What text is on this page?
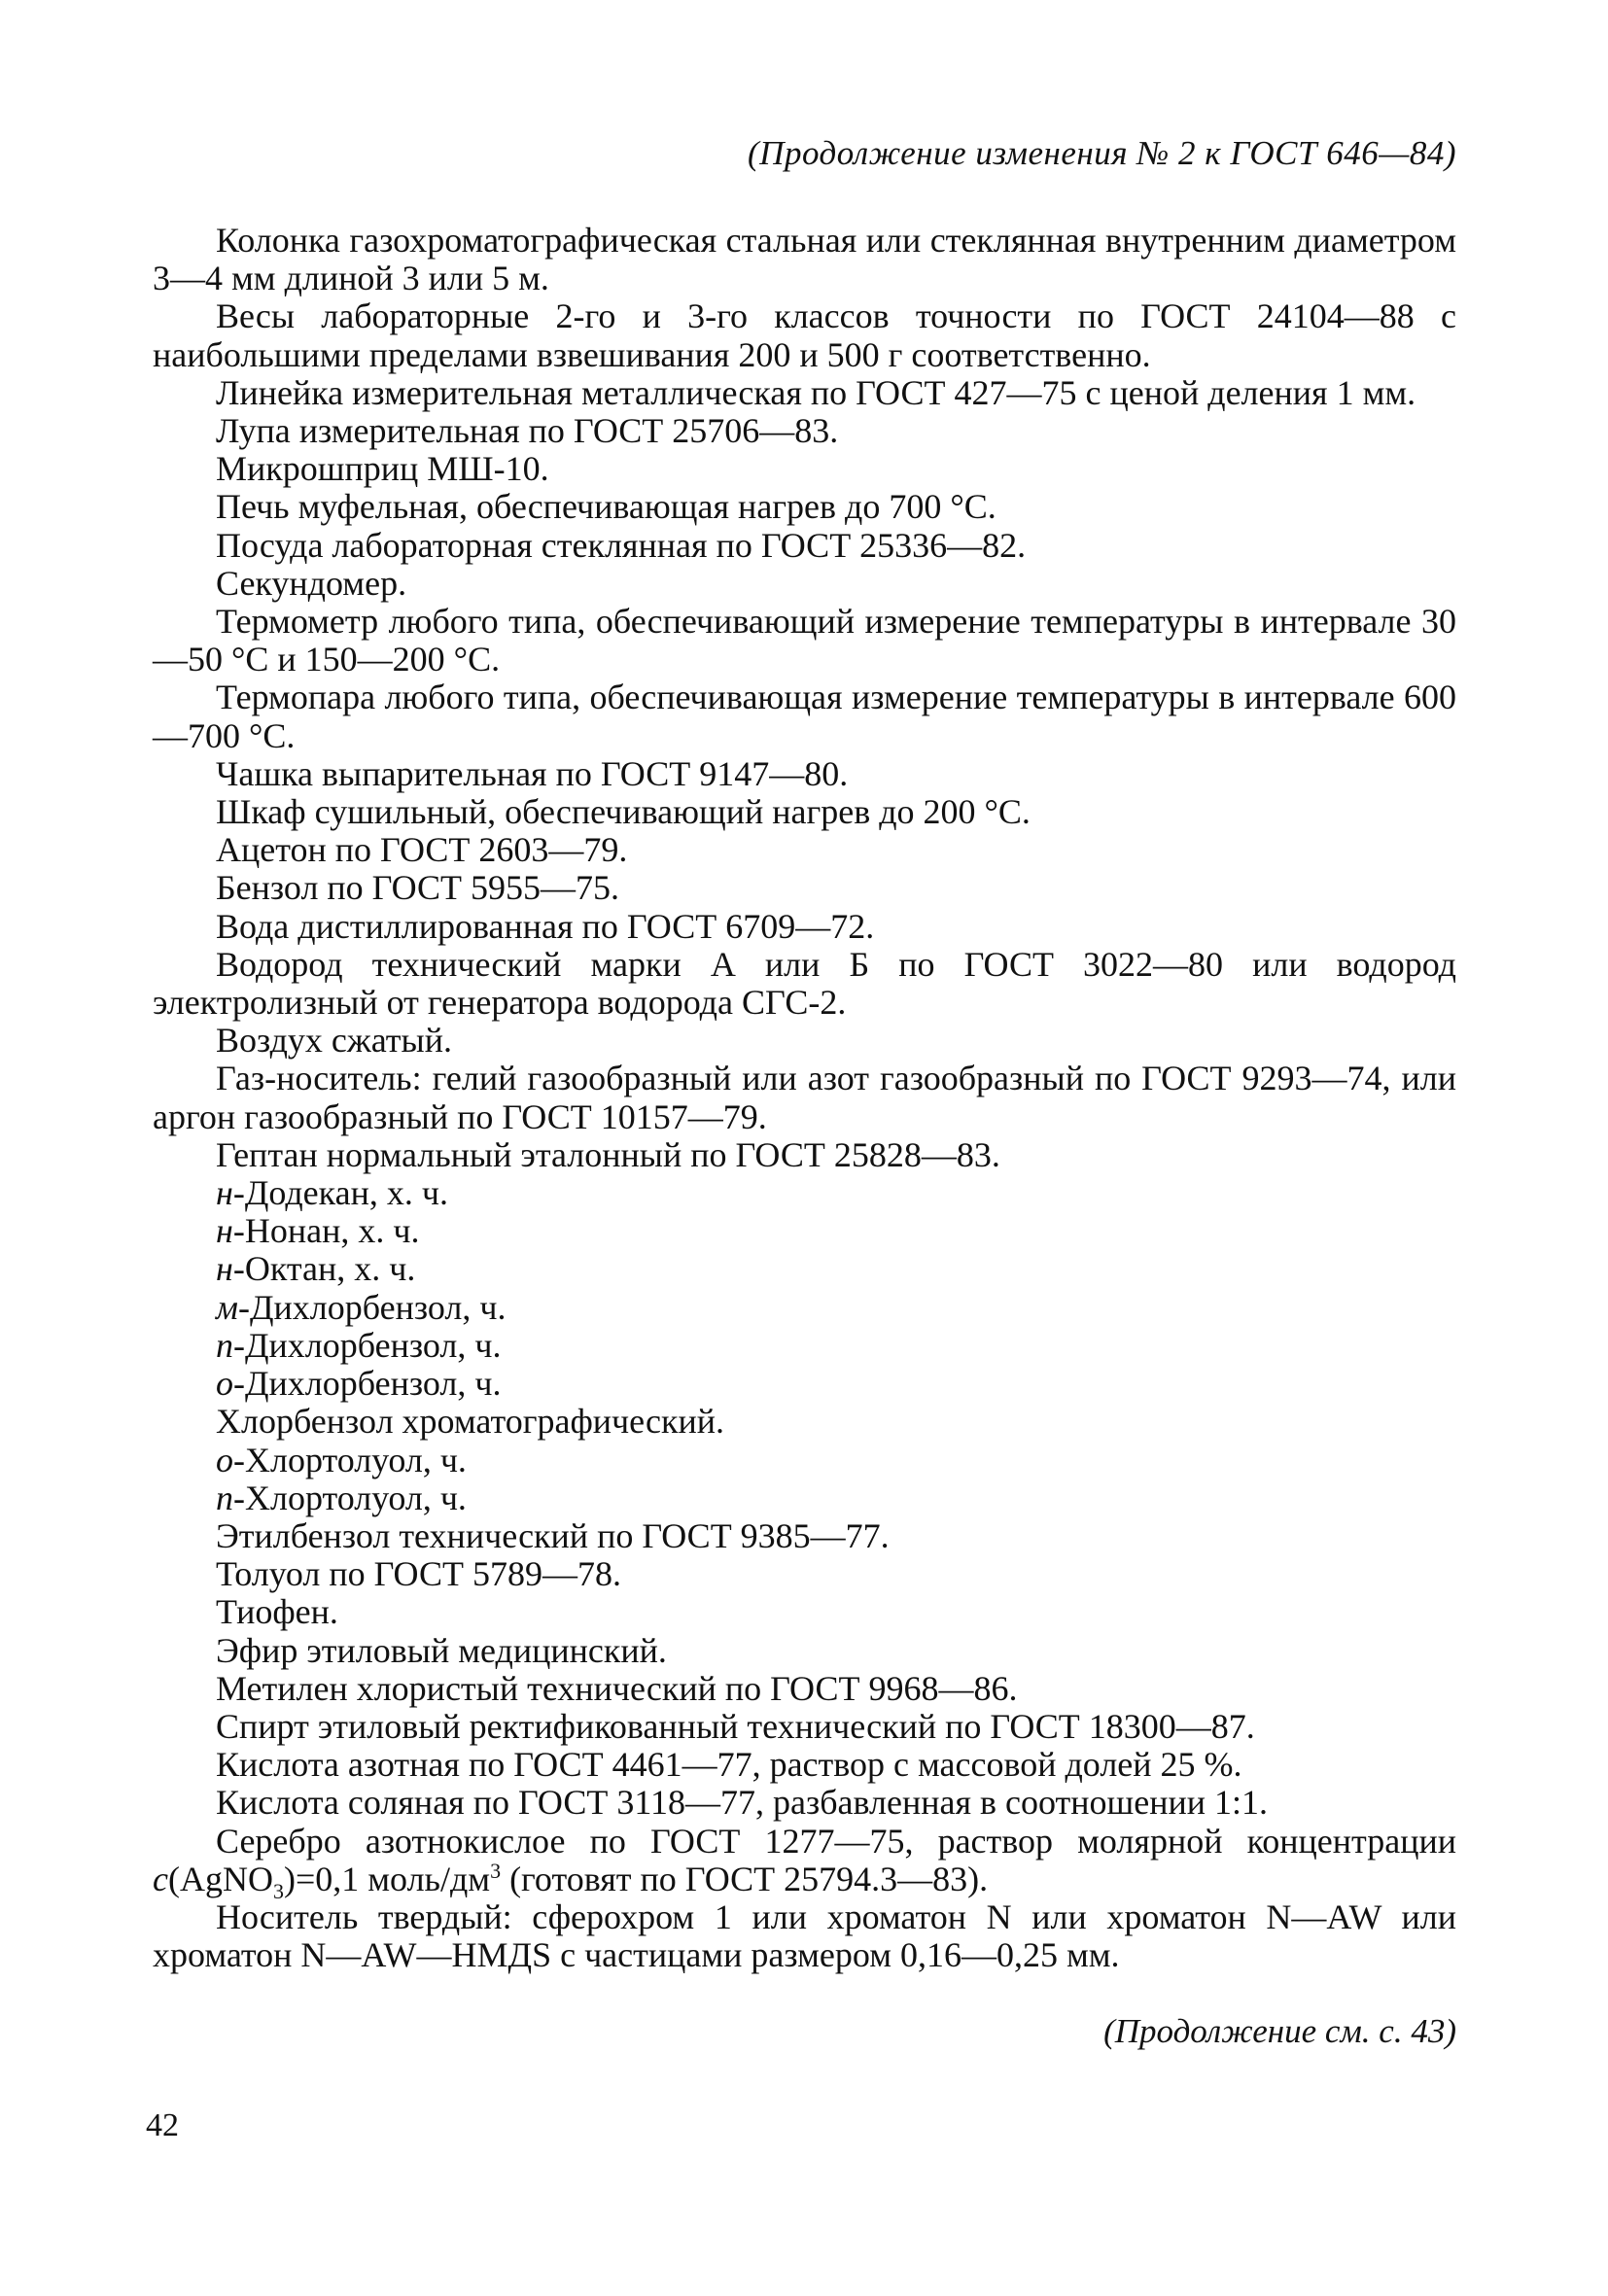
(Продолжение изменения № 2 к ГОСТ 646—84)

Колонка газохроматографическая стальная или стеклянная внутренним диаметром 3—4 мм длиной 3 или 5 м.

Весы лабораторные 2-го и 3-го классов точности по ГОСТ 24104—88 с наибольшими пределами взвешивания 200 и 500 г соответственно.

Линейка измерительная металлическая по ГОСТ 427—75 с ценой деления 1 мм.

Лупа измерительная по ГОСТ 25706—83.

Микрошприц МШ-10.

Печь муфельная, обеспечивающая нагрев до 700 °С.

Посуда лабораторная стеклянная по ГОСТ 25336—82.

Секундомер.

Термометр любого типа, обеспечивающий измерение температуры в интервале 30—50 °С и 150—200 °С.

Термопара любого типа, обеспечивающая измерение температуры в интервале 600—700 °С.

Чашка выпарительная по ГОСТ 9147—80.

Шкаф сушильный, обеспечивающий нагрев до 200 °С.

Ацетон по ГОСТ 2603—79.

Бензол по ГОСТ 5955—75.

Вода дистиллированная по ГОСТ 6709—72.

Водород технический марки А или Б по ГОСТ 3022—80 или водород электролизный от генератора водорода СГС-2.

Воздух сжатый.

Газ-носитель: гелий газообразный или азот газообразный по ГОСТ 9293—74, или аргон газообразный по ГОСТ 10157—79.

Гептан нормальный эталонный по ГОСТ 25828—83.

н-Додекан, х. ч.

н-Нонан, х. ч.

н-Октан, х. ч.

м-Дихлорбензол, ч.

п-Дихлорбензол, ч.

о-Дихлорбензол, ч.

Хлорбензол хроматографический.

о-Хлортолуол, ч.

п-Хлортолуол, ч.

Этилбензол технический по ГОСТ 9385—77.

Толуол по ГОСТ 5789—78.

Тиофен.

Эфир этиловый медицинский.

Метилен хлористый технический по ГОСТ 9968—86.

Спирт этиловый ректификованный технический по ГОСТ 18300—87.

Кислота азотная по ГОСТ 4461—77, раствор с массовой долей 25 %.

Кислота соляная по ГОСТ 3118—77, разбавленная в соотношении 1:1.

Серебро азотнокислое по ГОСТ 1277—75, раствор молярной концентрации c(AgNO$_3$)=0,1 моль/$дм^3$ (готовят по ГОСТ 25794.3—83).

Носитель твердый: сферохром 1 или хроматон N или хроматон N—AW или хроматон N—AW—HMДS с частицами размером 0,16—0,25 мм.

(Продолжение см. с. 43)
42
